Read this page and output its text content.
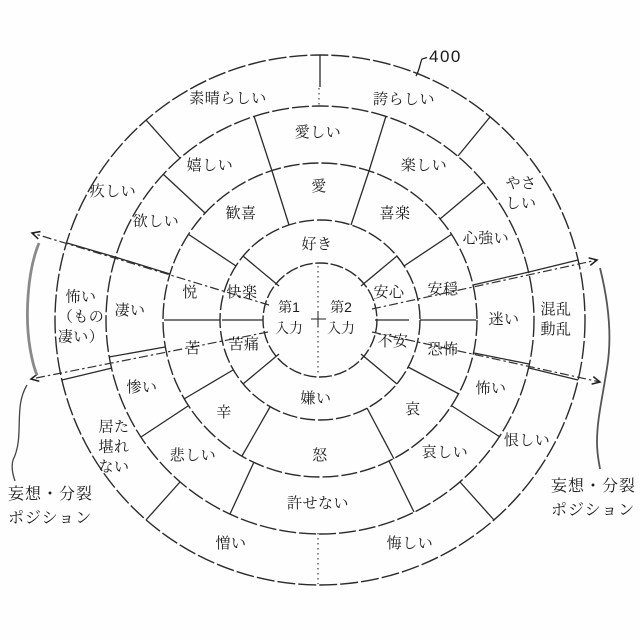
400
第1
入力
第2
入力
好き
安心
不安
嫌い
苦痛
快楽
愛
喜楽
安穏
恐怖
哀
怒
辛
苦
悦
歓喜
愛しい
楽しい
心強い
迷い
怖い
哀しい
許せない
悲しい
惨い
凄い
欲しい
嬉しい
疚しい
素晴らしい	誇らしい
やさ
しい
混乱
動乱
恨しい
悔しい
憎い
居た
堪れ
ない
怖い
（もの
凄い）
妄想・分裂
ポジション
妄想・分裂
ポジション
